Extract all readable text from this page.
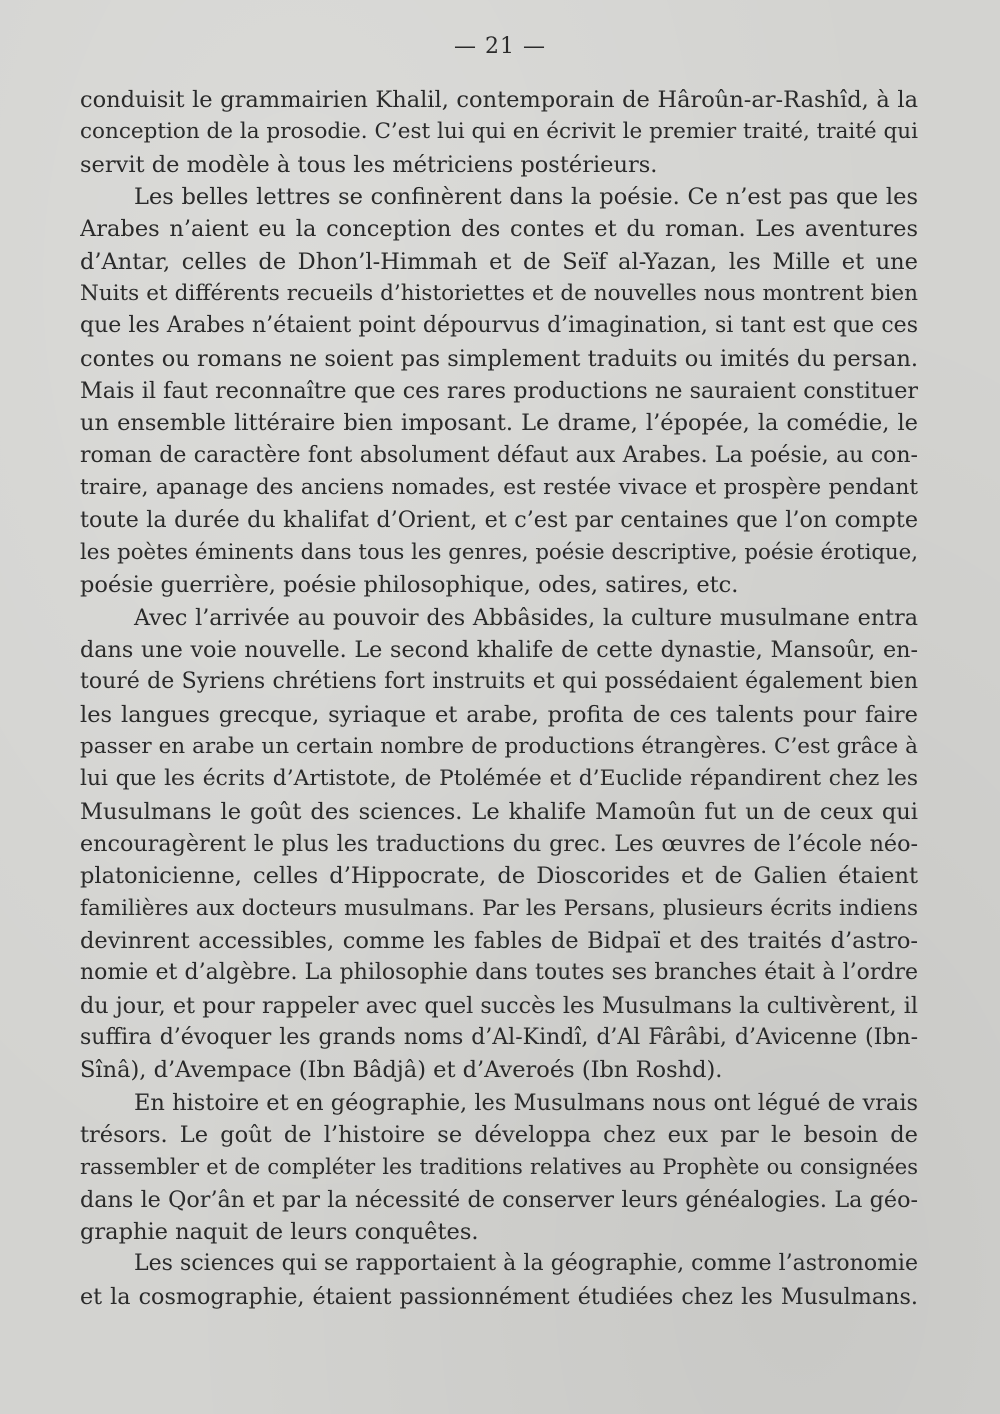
— 21 —
conduisit le grammairien Khalil, contemporain de Hâroûn-ar-Rashîd, à la
conception de la prosodie. C’est lui qui en écrivit le premier traité, traité qui
servit de modèle à tous les métriciens postérieurs.
Les belles lettres se confinèrent dans la poésie. Ce n’est pas que les
Arabes n’aient eu la conception des contes et du roman. Les aventures
d’Antar, celles de Dhon’l-Himmah et de Seïf al-Yazan, les Mille et une
Nuits et différents recueils d’historiettes et de nouvelles nous montrent bien
que les Arabes n’étaient point dépourvus d’imagination, si tant est que ces
contes ou romans ne soient pas simplement traduits ou imités du persan.
Mais il faut reconnaître que ces rares productions ne sauraient constituer
un ensemble littéraire bien imposant. Le drame, l’épopée, la comédie, le
roman de caractère font absolument défaut aux Arabes. La poésie, au con-
traire, apanage des anciens nomades, est restée vivace et prospère pendant
toute la durée du khalifat d’Orient, et c’est par centaines que l’on compte
les poètes éminents dans tous les genres, poésie descriptive, poésie érotique,
poésie guerrière, poésie philosophique, odes, satires, etc.
Avec l’arrivée au pouvoir des Abbâsides, la culture musulmane entra
dans une voie nouvelle. Le second khalife de cette dynastie, Mansoûr, en-
touré de Syriens chrétiens fort instruits et qui possédaient également bien
les langues grecque, syriaque et arabe, profita de ces talents pour faire
passer en arabe un certain nombre de productions étrangères. C’est grâce à
lui que les écrits d’Artistote, de Ptolémée et d’Euclide répandirent chez les
Musulmans le goût des sciences. Le khalife Mamoûn fut un de ceux qui
encouragèrent le plus les traductions du grec. Les œuvres de l’école néo-
platonicienne, celles d’Hippocrate, de Dioscorides et de Galien étaient
familières aux docteurs musulmans. Par les Persans, plusieurs écrits indiens
devinrent accessibles, comme les fables de Bidpaï et des traités d’astro-
nomie et d’algèbre. La philosophie dans toutes ses branches était à l’ordre
du jour, et pour rappeler avec quel succès les Musulmans la cultivèrent, il
suffira d’évoquer les grands noms d’Al-Kindî, d’Al Fârâbi, d’Avicenne (Ibn-
Sînâ), d’Avempace (Ibn Bâdjâ) et d’Averoés (Ibn Roshd).
En histoire et en géographie, les Musulmans nous ont légué de vrais
trésors. Le goût de l’histoire se développa chez eux par le besoin de
rassembler et de compléter les traditions relatives au Prophète ou consignées
dans le Qor’ân et par la nécessité de conserver leurs généalogies. La géo-
graphie naquit de leurs conquêtes.
Les sciences qui se rapportaient à la géographie, comme l’astronomie
et la cosmographie, étaient passionnément étudiées chez les Musulmans.
